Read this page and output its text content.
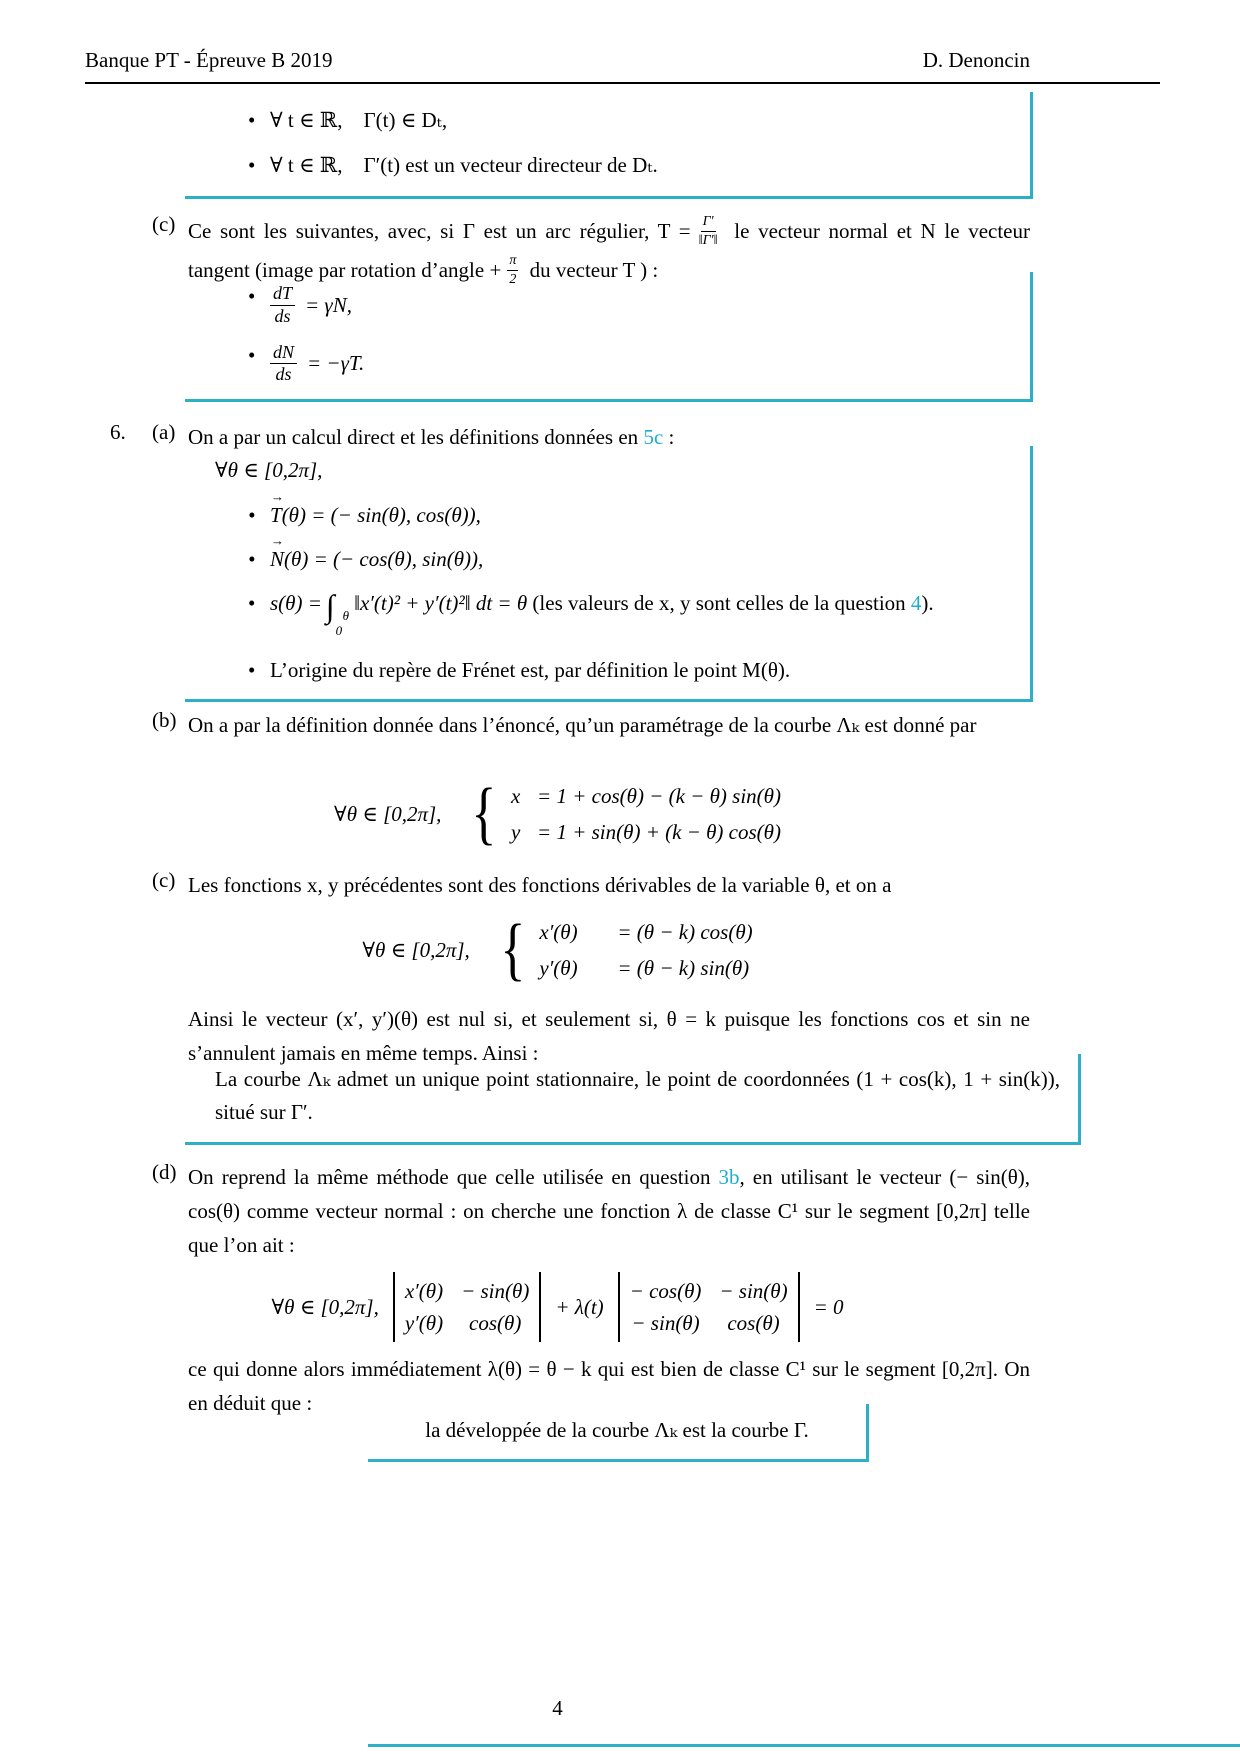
Banque PT - Épreuve B 2019	D. Denoncin
• ∀ t ∈ ℝ,    Γ(t) ∈ Dₜ,
• ∀ t ∈ ℝ,    Γ′(t) est un vecteur directeur de Dₜ.
(c) Ce sont les suivantes, avec, si Γ est un arc régulier, $T = \frac{\Gamma'}{‖\Gamma'‖}$ le vecteur normal et N le vecteur tangent (image par rotation d’angle + $\frac{\pi}{2}$ du vecteur T ) :
• $\frac{dT}{ds} = \gamma N$,
• $\frac{dN}{ds} = -\gamma T$.
6.	(a) On a par un calcul direct et les définitions données en 5c :
∀θ ∈ [0,2π],
• → T(θ) = (− sin(θ), cos(θ)),
• → N(θ) = (− cos(θ), sin(θ)),
• s(θ) = ∫ θ
0
‖x′(t)² + y′(t)²‖ dt = θ (les valeurs de x, y sont celles de la question 4).
• L’origine du repère de Frénet est, par définition le point M(θ).
(b) On a par la définition donnée dans l’énoncé, qu’un paramétrage de la courbe Λₖ est donné par
∀θ ∈ [0,2π],
{ x = 1 + cos(θ) − (k − θ) sin(θ)
y = 1 + sin(θ) + (k − θ) cos(θ)
(c) Les fonctions x, y précédentes sont des fonctions dérivables de la variable θ, et on a
∀θ ∈ [0,2π],
{ x′(θ) = (θ − k) cos(θ)
y′(θ) = (θ − k) sin(θ)
Ainsi le vecteur (x′, y′)(θ) est nul si, et seulement si, θ = k puisque les fonctions cos et sin ne s’annulent jamais en même temps. Ainsi :
La courbe Λₖ admet un unique point stationnaire, le point de coordonnées (1 + cos(k), 1 + sin(k)), situé sur Γ′.
(d) On reprend la même méthode que celle utilisée en question 3b, en utilisant le vecteur (− sin(θ), cos(θ) comme vecteur normal : on cherche une fonction λ de classe C¹ sur le segment [0,2π] telle que l’on ait :
∀θ ∈ [0,2π],
x′(θ) − sin(θ)
y′(θ) cos(θ)
+ λ(t)
− cos(θ) − sin(θ)
− sin(θ) cos(θ)
= 0
ce qui donne alors immédiatement λ(θ) = θ − k qui est bien de classe C¹ sur le segment [0,2π]. On en déduit que :
la développée de la courbe Λₖ est la courbe Γ.
4
